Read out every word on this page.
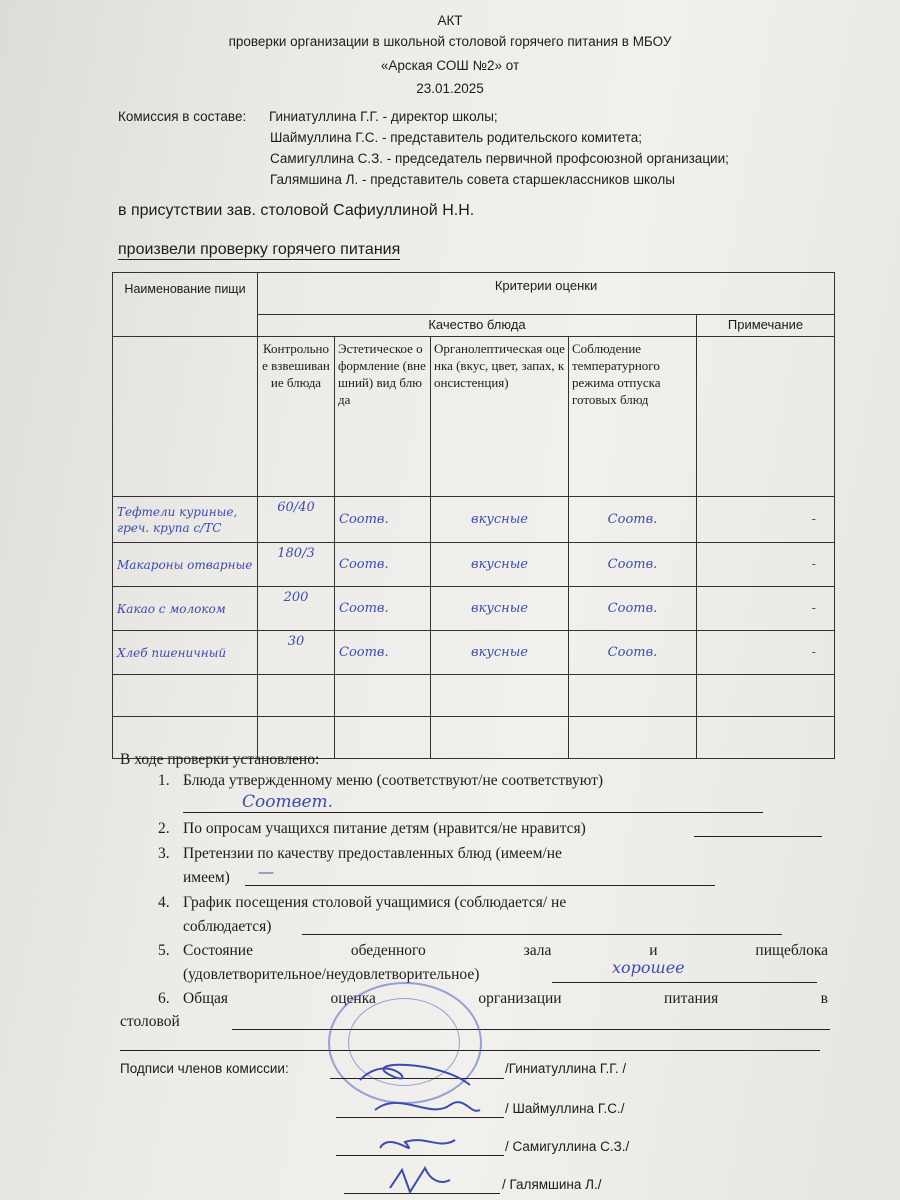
АКТ
проверки организации в школьной столовой горячего питания в МБОУ
«Арская СОШ №2» от
23.01.2025
Комиссия в составе: Гиниатуллина Г.Г. - директор школы;
Шаймуллина Г.С. - представитель родительского комитета;
Самигуллина С.З. - председатель первичной профсоюзной организации;
Галямшина Л. - представитель совета старшеклассников школы
в присутствии зав. столовой Сафиуллиной Н.Н.
произвели проверку горячего питания
Наименование пищи	Критерии оценки				
	Качество блюда				Примечание
	Контрольное взвешивание блюда	Эстетическое оформление (внешний) вид блюда	Органолептическая оценка (вкус, цвет, запах, консистенция)	Соблюдение температурного режима отпуска готовых блюд	
Тефтели куриные, греч. крупа с/ТС	60/40	Соотв.	вкусные	Соотв.	-
Макароны отварные	180/3	Соотв.	вкусные	Соотв.	-
Какао с молоком	200	Соотв.	вкусные	Соотв.	-
Хлеб пшеничный	30	Соотв.	вкусные	Соотв.	-

В ходе проверки установлено:
1. Блюда утвержденному меню (соответствуют/не соответствуют)
Соответ.
2. По опросам учащихся питание детям (нравится/не нравится)
3. Претензии по качеству предоставленных блюд (имеем/не
имеем) —
4. График посещения столовой учащимися (соблюдается/ не
соблюдается)
5. Состояние обеденного зала и пищеблока
(удовлетворительное/неудовлетворительное)	хорошее
6. Общая оценка организации питания в
столовой
Подписи членов комиссии:	/Гиниатуллина Г.Г. /
/ Шаймуллина Г.С./
/ Самигуллина С.З./
/ Галямшина Л./
